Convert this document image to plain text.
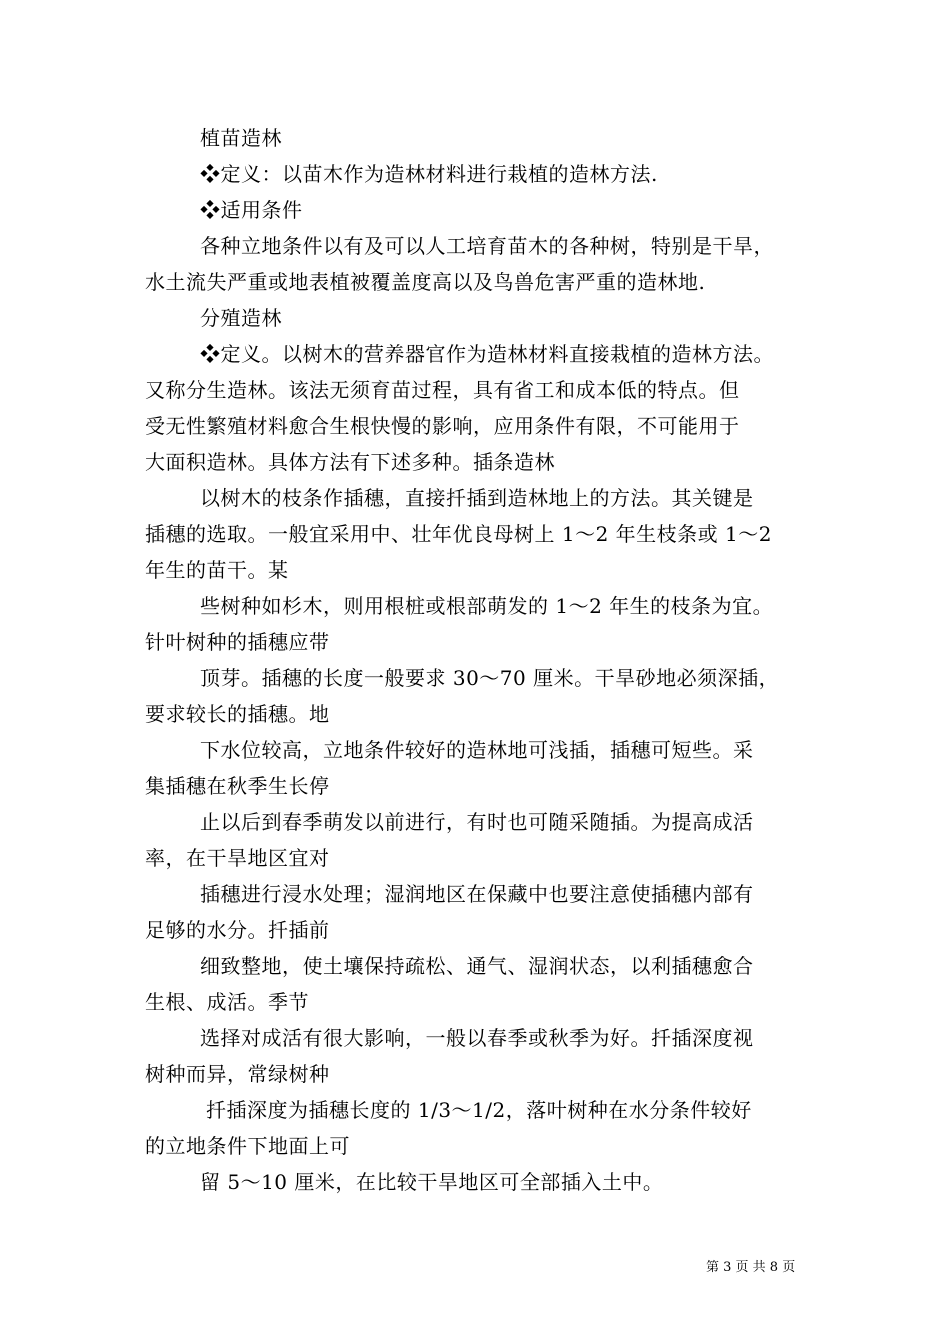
植苗造林
❖定义：以苗木作为造林材料进行栽植的造林方法.
❖适用条件
各种立地条件以有及可以人工培育苗木的各种树，特别是干旱，
水土流失严重或地表植被覆盖度高以及鸟兽危害严重的造林地.
分殖造林
❖定义。以树木的营养器官作为造林材料直接栽植的造林方法。
又称分生造林。该法无须育苗过程，具有省工和成本低的特点。但
受无性繁殖材料愈合生根快慢的影响，应用条件有限，不可能用于
大面积造林。具体方法有下述多种。插条造林
以树木的枝条作插穗，直接扦插到造林地上的方法。其关键是
插穗的选取。一般宜采用中、壮年优良母树上 1～2 年生枝条或 1～2
年生的苗干。某
些树种如杉木，则用根桩或根部萌发的 1～2 年生的枝条为宜。
针叶树种的插穗应带
顶芽。插穗的长度一般要求 30～70 厘米。干旱砂地必须深插，
要求较长的插穗。地
下水位较高，立地条件较好的造林地可浅插，插穗可短些。采
集插穗在秋季生长停
止以后到春季萌发以前进行，有时也可随采随插。为提高成活
率，在干旱地区宜对
插穗进行浸水处理；湿润地区在保藏中也要注意使插穗内部有
足够的水分。扦插前
细致整地，使土壤保持疏松、通气、湿润状态，以利插穗愈合
生根、成活。季节
选择对成活有很大影响，一般以春季或秋季为好。扦插深度视
树种而异，常绿树种
扦插深度为插穗长度的 1/3～1/2，落叶树种在水分条件较好
的立地条件下地面上可
留 5～10 厘米，在比较干旱地区可全部插入土中。
第 3 页 共 8 页
